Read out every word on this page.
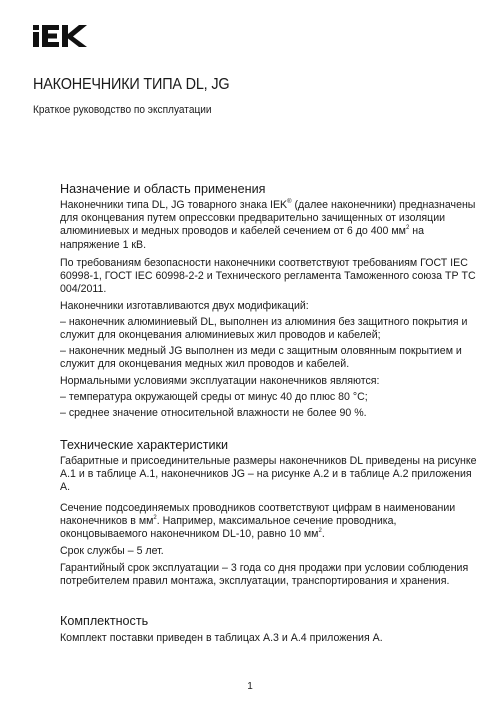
НАКОНЕЧНИКИ ТИПА DL, JG
Краткое руководство по эксплуатации
Назначение и область применения
Наконечники типа DL, JG товарного знака IEK® (далее наконечники) предназначены для оконцевания путем опрессовки предварительно зачищенных от изоляции алюминиевых и медных проводов и кабелей сечением от 6 до 400 $мм^2$ на напряжение 1 кВ.
По требованиям безопасности наконечники соответствуют требованиям ГОСТ IEC 60998-1, ГОСТ IEC 60998-2-2 и Технического регламента Таможенного союза ТР ТС 004/2011.
Наконечники изготавливаются двух модификаций:
– наконечник алюминиевый DL, выполнен из алюминия без защитного покрытия и служит для оконцевания алюминиевых жил проводов и кабелей;
– наконечник медный JG выполнен из меди с защитным оловянным покрытием и служит для оконцевания медных жил проводов и кабелей.
Нормальными условиями эксплуатации наконечников являются:
– температура окружающей среды от минус 40 до плюс 80 °С;
– среднее значение относительной влажности не более 90 %.
Технические характеристики
Габаритные и присоединительные размеры наконечников DL приведены на рисунке А.1 и в таблице А.1, наконечников JG – на рисунке А.2 и в таблице А.2 приложения А.
Сечение подсоединяемых проводников соответствуют цифрам в наименовании наконечников в $мм^2$. Например, максимальное сечение проводника, оконцовываемого наконечником DL-10, равно 10 $мм^2$.
Срок службы – 5 лет.
Гарантийный срок эксплуатации – 3 года со дня продажи при условии соблюдения потребителем правил монтажа, эксплуатации, транспортирования и хранения.
Комплектность
Комплект поставки приведен в таблицах А.3 и А.4 приложения А.
1
